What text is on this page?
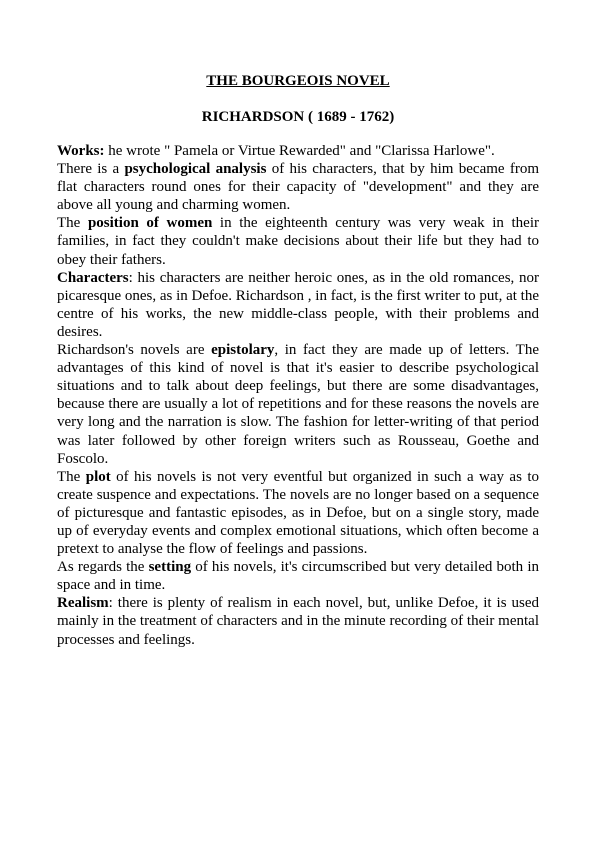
THE BOURGEOIS NOVEL
RICHARDSON ( 1689 - 1762)

Works: he wrote " Pamela or Virtue Rewarded" and "Clarissa Harlowe".

There is a psychological analysis of his characters, that by him became from flat characters round ones for their capacity of "development" and they are above all young and charming women.

The position of women in the eighteenth century was very weak in their families, in fact they couldn't make decisions about their life but they had to obey their fathers.

Characters: his characters are neither heroic ones, as in the old romances, nor picaresque ones, as in Defoe. Richardson , in fact, is the first writer to put, at the centre of his works, the new middle-class people, with their problems and desires.

Richardson's novels are epistolary, in fact they are made up of letters. The advantages of this kind of novel is that it's easier to describe psychological situations and to talk about deep feelings, but there are some disadvantages, because there are usually a lot of repetitions and for these reasons the novels are very long and the narration is slow. The fashion for letter-writing of that period was later followed by other foreign writers such as Rousseau, Goethe and Foscolo.

The plot of his novels is not very eventful but organized in such a way as to create suspence and expectations. The novels are no longer based on a sequence of picturesque and fantastic episodes, as in Defoe, but on a single story, made up of everyday events and complex emotional situations, which often become a pretext to analyse the flow of feelings and passions.

As regards the setting of his novels, it's circumscribed but very detailed both in space and in time.

Realism: there is plenty of realism in each novel, but, unlike Defoe, it is used mainly in the treatment of characters and in the minute recording of their mental processes and feelings.
